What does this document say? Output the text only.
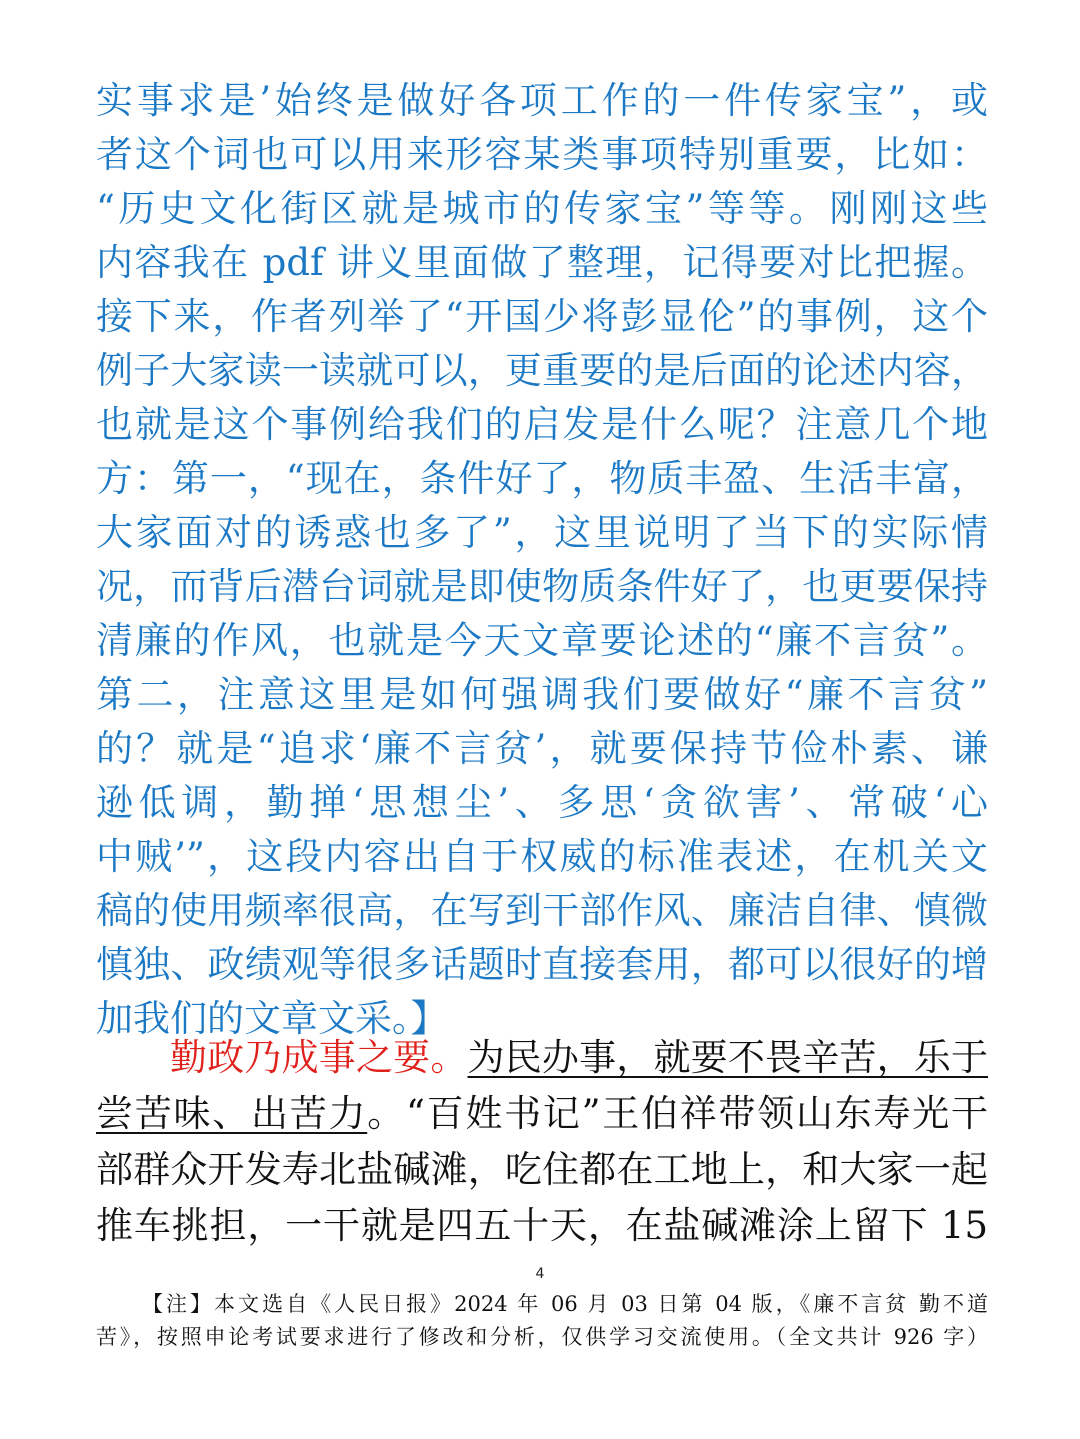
实事求是’始终是做好各项工作的一件传家宝”，或
者这个词也可以用来形容某类事项特别重要，比如：
“历史文化街区就是城市的传家宝”等等。刚刚这些
内容我在 pdf 讲义里面做了整理，记得要对比把握。
接下来，作者列举了“开国少将彭显伦”的事例，这个
例子大家读一读就可以，更重要的是后面的论述内容，
也就是这个事例给我们的启发是什么呢？注意几个地
方：第一，“现在，条件好了，物质丰盈、生活丰富，
大家面对的诱惑也多了”，这里说明了当下的实际情
况，而背后潜台词就是即使物质条件好了，也更要保持
清廉的作风，也就是今天文章要论述的“廉不言贫”。
第二，注意这里是如何强调我们要做好“廉不言贫”
的？就是“追求‘廉不言贫’，就要保持节俭朴素、谦
逊低调，勤掸‘思想尘’、多思‘贪欲害’、常破‘心
中贼’”，这段内容出自于权威的标准表述，在机关文
稿的使用频率很高，在写到干部作风、廉洁自律、慎微
慎独、政绩观等很多话题时直接套用，都可以很好的增
加我们的文章文采。】
勤政乃成事之要。为民办事，就要不畏辛苦，乐于
尝苦味、出苦力。“百姓书记”王伯祥带领山东寿光干
部群众开发寿北盐碱滩，吃住都在工地上，和大家一起
推车挑担，一干就是四五十天，在盐碱滩涂上留下 15
4
【注】本文选自《人民日报》2024 年 06 月 03 日第 04 版，《廉不言贫 勤不道
苦》，按照申论考试要求进行了修改和分析，仅供学习交流使用。（全文共计 926 字）
